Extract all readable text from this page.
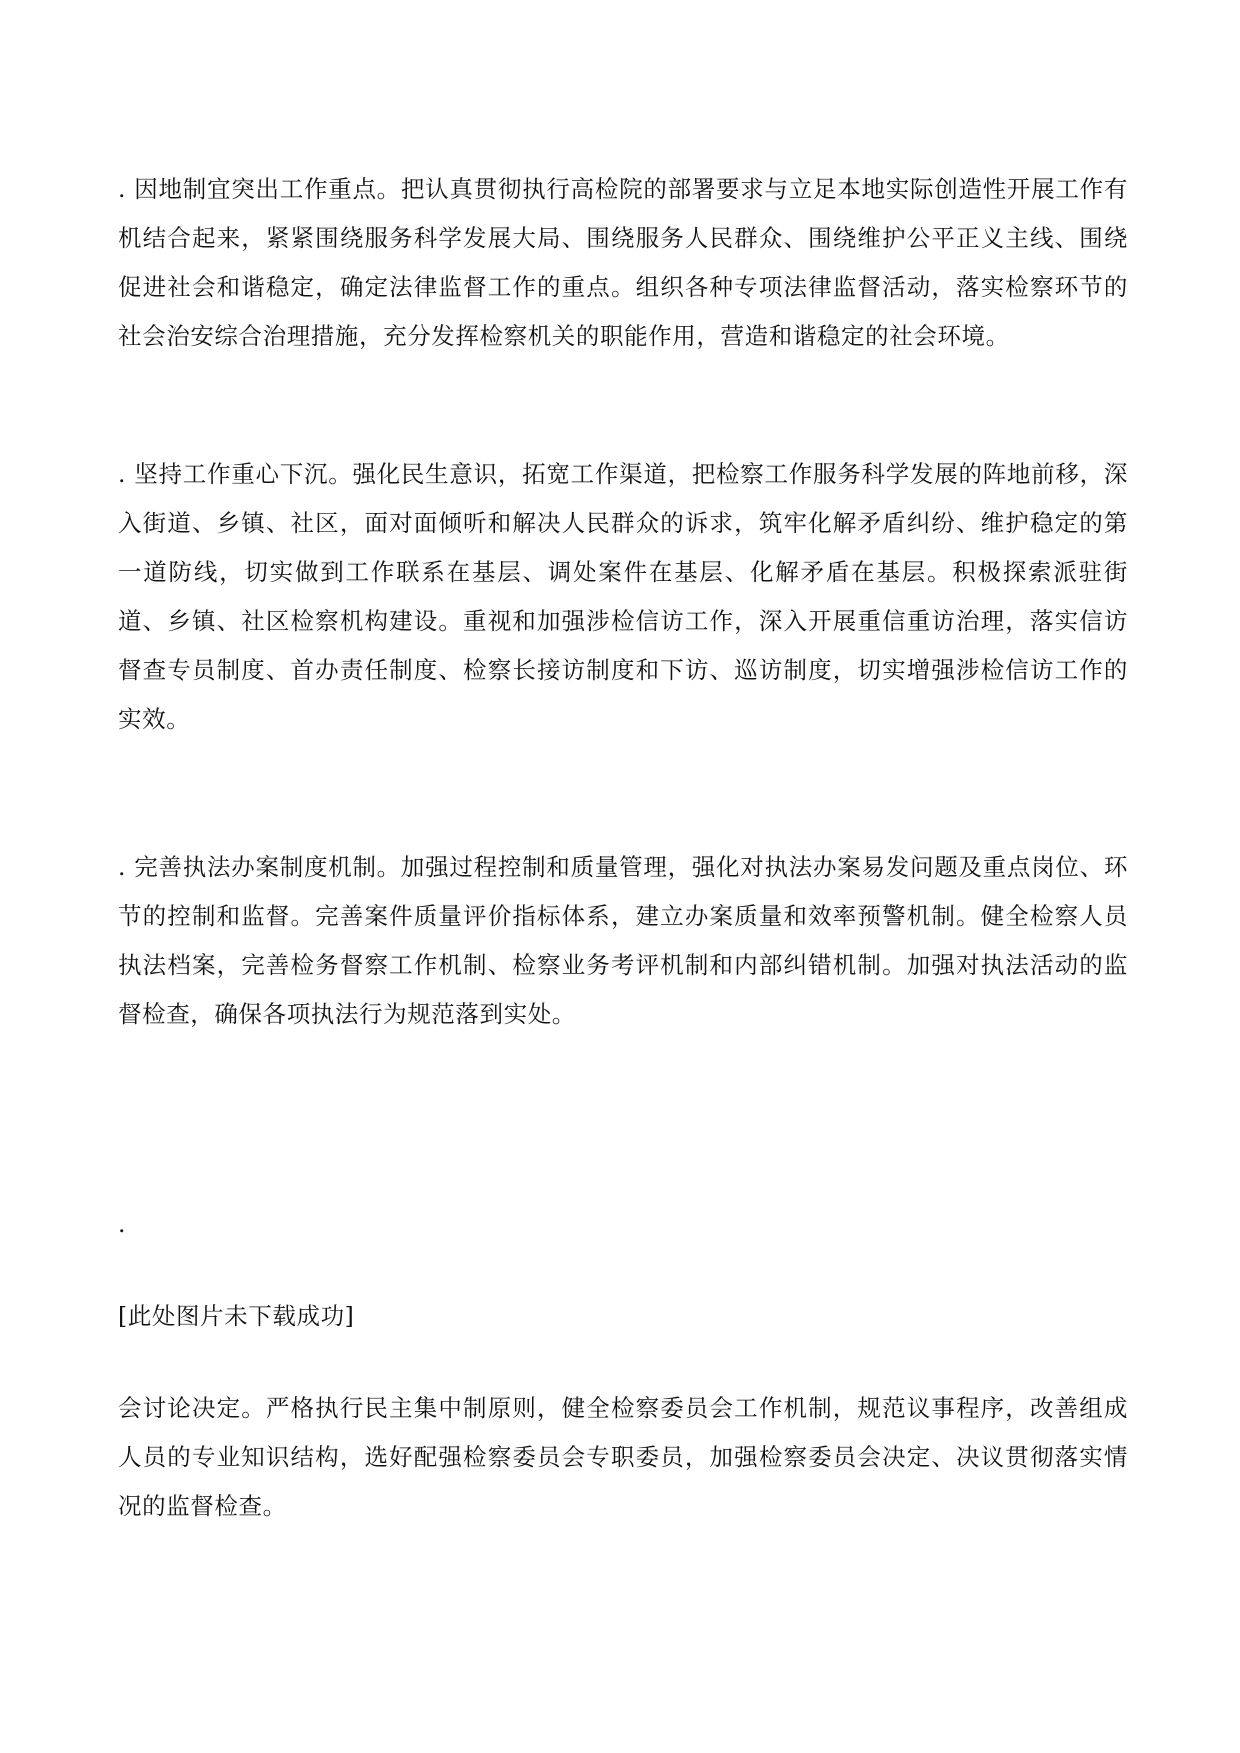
. 因地制宜突出工作重点。把认真贯彻执行高检院的部署要求与立足本地实际创造性开展工作有机结合起来，紧紧围绕服务科学发展大局、围绕服务人民群众、围绕维护公平正义主线、围绕促进社会和谐稳定，确定法律监督工作的重点。组织各种专项法律监督活动，落实检察环节的社会治安综合治理措施，充分发挥检察机关的职能作用，营造和谐稳定的社会环境。

. 坚持工作重心下沉。强化民生意识，拓宽工作渠道，把检察工作服务科学发展的阵地前移，深入街道、乡镇、社区，面对面倾听和解决人民群众的诉求，筑牢化解矛盾纠纷、维护稳定的第一道防线，切实做到工作联系在基层、调处案件在基层、化解矛盾在基层。积极探索派驻街道、乡镇、社区检察机构建设。重视和加强涉检信访工作，深入开展重信重访治理，落实信访督查专员制度、首办责任制度、检察长接访制度和下访、巡访制度，切实增强涉检信访工作的实效。

. 完善执法办案制度机制。加强过程控制和质量管理，强化对执法办案易发问题及重点岗位、环节的控制和监督。完善案件质量评价指标体系，建立办案质量和效率预警机制。健全检察人员执法档案，完善检务督察工作机制、检察业务考评机制和内部纠错机制。加强对执法活动的监督检查，确保各项执法行为规范落到实处。

.

[此处图片未下载成功]

会讨论决定。严格执行民主集中制原则，健全检察委员会工作机制，规范议事程序，改善组成人员的专业知识结构，选好配强检察委员会专职委员，加强检察委员会决定、决议贯彻落实情况的监督检查。
